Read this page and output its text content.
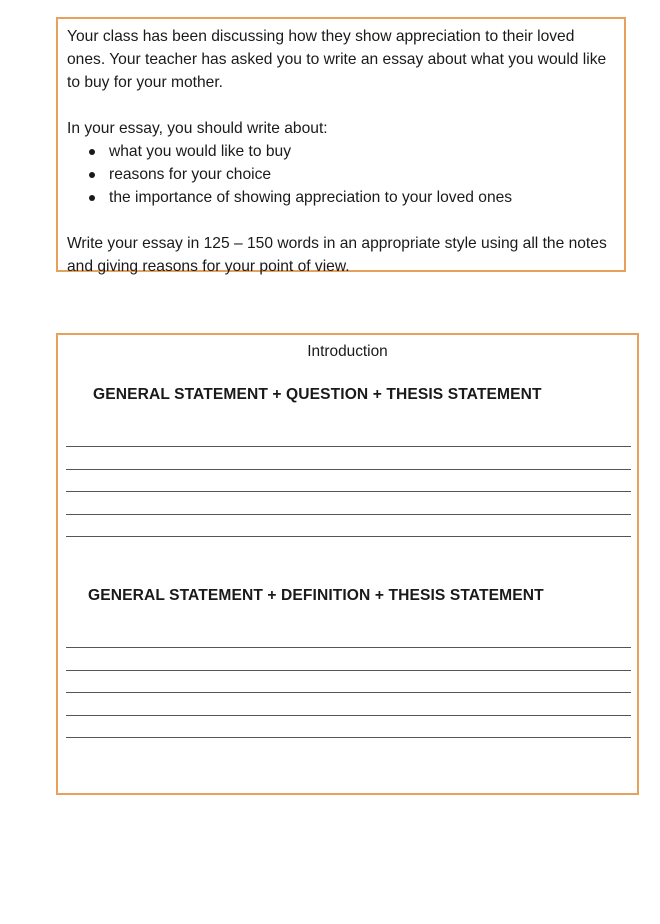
Your class has been discussing how they show appreciation to their loved ones. Your teacher has asked you to write an essay about what you would like to buy for your mother.

In your essay, you should write about:

what you would like to buy
reasons for your choice
the importance of showing appreciation to your loved ones

Write your essay in 125 – 150 words in an appropriate style using all the notes and giving reasons for your point of view.

Introduction
GENERAL STATEMENT + QUESTION + THESIS STATEMENT
GENERAL STATEMENT + DEFINITION + THESIS STATEMENT
